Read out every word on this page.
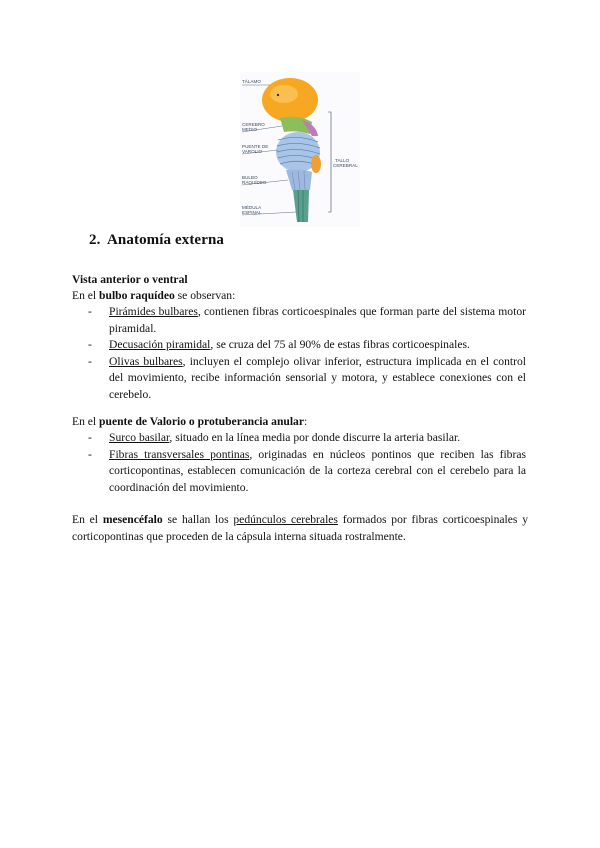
TÁLAMO
CEREBRO
MEDIO
PUENTE DE
VAROLIO
BULBO
RAQUÍDEO
MÉDULA
ESPINAL
TALLO
CEREBRAL
2. Anatomía externa
Vista anterior o ventral
En el bulbo raquídeo se observan:
- Pirámides bulbares, contienen fibras corticoespinales que forman parte del sistema motor piramidal.
- Decusación piramidal, se cruza del 75 al 90% de estas fibras corticoespinales.
- Olivas bulbares, incluyen el complejo olivar inferior, estructura implicada en el control del movimiento, recibe información sensorial y motora, y establece conexiones con el cerebelo.
En el puente de Valorio o protuberancia anular:
- Surco basilar, situado en la línea media por donde discurre la arteria basilar.
- Fibras transversales pontinas, originadas en núcleos pontinos que reciben las fibras corticopontinas, establecen comunicación de la corteza cerebral con el cerebelo para la coordinación del movimiento.
En el mesencéfalo se hallan los pedúnculos cerebrales formados por fibras corticoespinales y corticopontinas que proceden de la cápsula interna situada rostralmente.
